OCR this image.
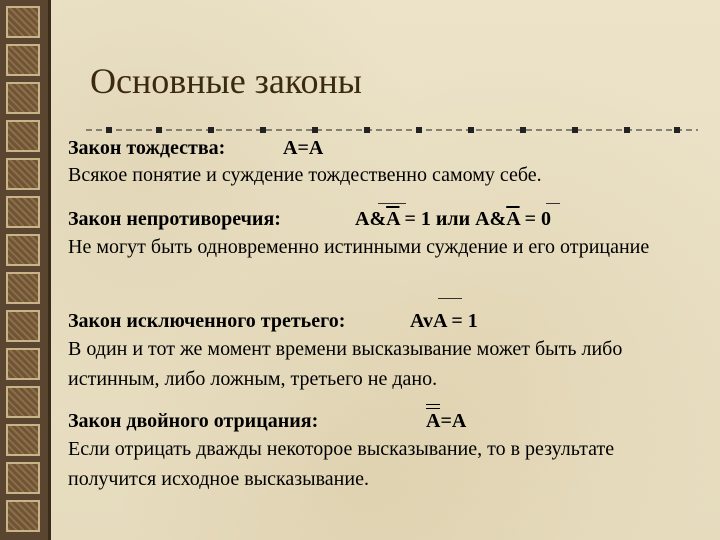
Основные законы
Закон тождества:	A=A
Всякое понятие и суждение тождественно самому себе.
Закон непротиворечия:	$A\&\overline{A} = 1$ или $A\&\overline{A} = 0$
Не могут быть одновременно истинными суждение и его отрицание
Закон исключенного третьего:	AvA = 1
В один и тот же момент времени высказывание может быть либо истинным, либо ложным, третьего не дано.
Закон двойного отрицания:	A=A
Если отрицать дважды некоторое высказывание, то в результате получится исходное высказывание.
